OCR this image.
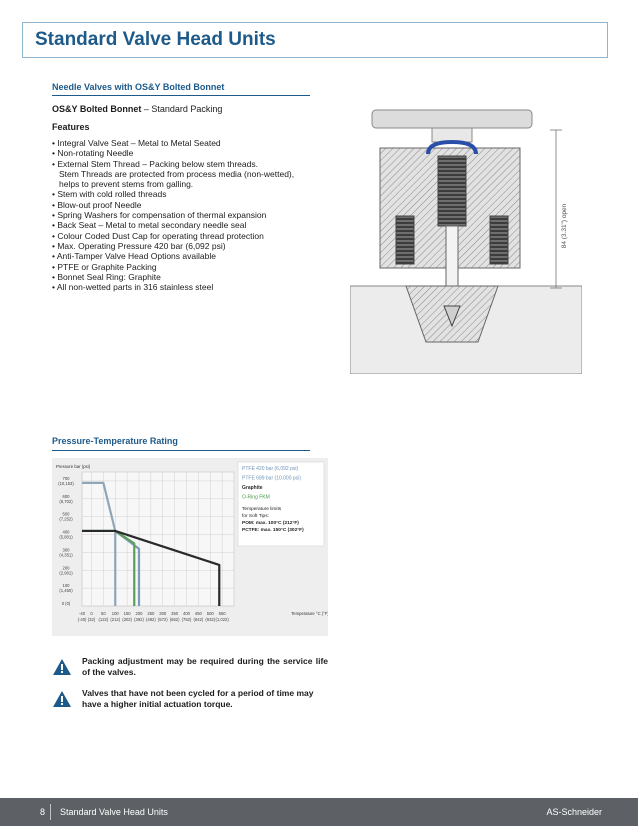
Standard Valve Head Units
Needle Valves with OS&Y Bolted Bonnet
OS&Y Bolted Bonnet – Standard Packing
Features
• Integral Valve Seat – Metal to Metal Seated
• Non-rotating Needle
• External Stem Thread – Packing below stem threads.
Stem Threads are protected from process media (non-wetted),
helps to prevent stems from galling.
• Stem with cold rolled threads
• Blow-out proof Needle
• Spring Washers for compensation of thermal expansion
• Back Seat – Metal to metal secondary needle seal
• Colour Coded Dust Cap for operating thread protection
• Max. Operating Pressure 420 bar (6,092 psi)
• Anti-Tamper Valve Head Options available
• PTFE or Graphite Packing
• Bonnet Seal Ring: Graphite
• All non-wetted parts in 316 stainless steel
84 (3.31") open
Pressure-Temperature Rating
Pressure bar (psi)
700
(10,153)
600
(8,702)
500
(7,252)
400
(5,801)
300
(4,351)
200
(2,901)
100
(1,450)
0 (0)
-40
(-40)
0
(32)
50
(122)
100
(212)
150
(302)
200
(392)
250
(482)
300
(572)
350
(662)
400
(752)
450
(842)
500
(932)
550
(1,022)
Temperature °C (°F)
PTFE 420 bar (6,092 psi)
PTFE 689 bar (10.000 psi)
Graphite
O-Ring FKM
Temperature limits
for Soft Tips:
POM: max. 100°C (212°F)
PCTFE: max. 150°C (302°F)
Packing adjustment may be required during the service life of the valves.
Valves that have not been cycled for a period of time may have a higher initial actuation torque.
8 Standard Valve Head Units	AS-Schneider
